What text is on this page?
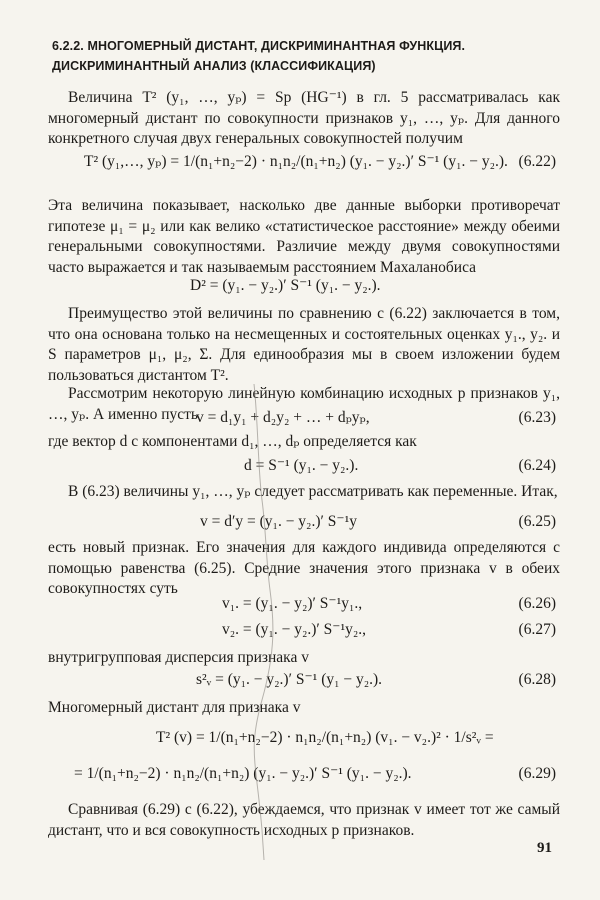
6.2.2. МНОГОМЕРНЫЙ ДИСТАНТ, ДИСКРИМИНАНТНАЯ ФУНКЦИЯ. ДИСКРИМИНАНТНЫЙ АНАЛИЗ (КЛАССИФИКАЦИЯ)
Величина T² (y₁, …, yₚ) = Sp (HG⁻¹) в гл. 5 рассматривалась как многомерный дистант по совокупности признаков y₁, …, yₚ. Для данного конкретного случая двух генеральных совокупностей получим
T² (y₁,…, yₚ) = 1/(n₁+n₂−2) · n₁n₂/(n₁+n₂) (y₁. − y₂.)′ S⁻¹ (y₁. − y₂.). (6.22)
Эта величина показывает, насколько две данные выборки противоречат гипотезе μ₁ = μ₂ или как велико «статистическое расстояние» между обеими генеральными совокупностями. Различие между двумя совокупностями часто выражается и так называемым расстоянием Махаланобиса
D² = (y₁. − y₂.)′ S⁻¹ (y₁. − y₂.).
Преимущество этой величины по сравнению с (6.22) заключается в том, что она основана только на несмещенных и состоятельных оценках y₁., y₂. и S параметров μ₁, μ₂, Σ. Для единообразия мы в своем изложении будем пользоваться дистантом T².
Рассмотрим некоторую линейную комбинацию исходных p признаков y₁, …, yₚ. А именно пусть
v = d₁y₁ + d₂y₂ + … + dₚyₚ,	(6.23)
где вектор d с компонентами d₁, …, dₚ определяется как
d = S⁻¹ (y₁. − y₂.).	(6.24)
В (6.23) величины y₁, …, yₚ следует рассматривать как переменные. Итак,
v = d′y = (y₁. − y₂.)′ S⁻¹y	(6.25)
есть новый признак. Его значения для каждого индивида определяются с помощью равенства (6.25). Средние значения этого признака v в обеих совокупностях суть
v₁. = (y₁. − y₂)′ S⁻¹y₁.,	(6.26)
v₂. = (y₁. − y₂.)′ S⁻¹y₂.,	(6.27)
внутригрупповая дисперсия признака v
s²ᵥ = (y₁. − y₂.)′ S⁻¹ (y₁ − y₂.).	(6.28)
Многомерный дистант для признака v
T² (v) = 1/(n₁+n₂−2) · n₁n₂/(n₁+n₂) (v₁. − v₂.)² · 1/s²ᵥ =
= 1/(n₁+n₂−2) · n₁n₂/(n₁+n₂) (y₁. − y₂.)′ S⁻¹ (y₁. − y₂.).	(6.29)
Сравнивая (6.29) с (6.22), убеждаемся, что признак v имеет тот же самый дистант, что и вся совокупность исходных p признаков.
91
